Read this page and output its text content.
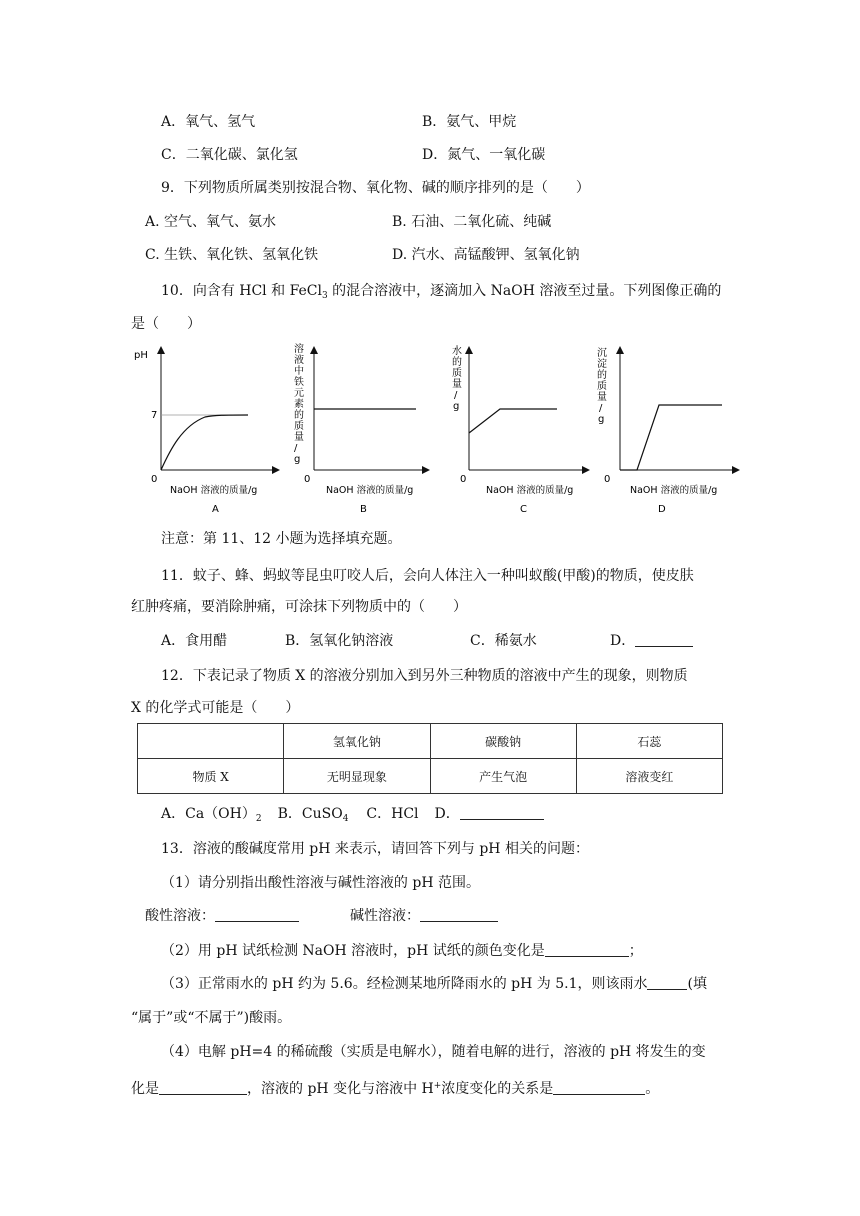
A．氧气、氢气	B．氨气、甲烷
C．二氧化碳、氯化氢	D．氮气、一氧化碳
9．下列物质所属类别按混合物、氧化物、碱的顺序排列的是（　　）
A. 空气、氧气、氨水	B. 石油、二氧化硫、纯碱
C. 生铁、氧化铁、氢氧化铁	D. 汽水、高锰酸钾、氢氧化钠
10．向含有 HCl 和 FeCl$_3$ 的混合溶液中，逐滴加入 NaOH 溶液至过量。下列图像正确的
是（　　）
pH
7
0
NaOH 溶液的质量/g
A
溶液中铁元素的质量/ g
0
NaOH 溶液的质量/g
B
水的质量/ g
0
NaOH 溶液的质量/g
C
沉淀的质量/ g
0
NaOH 溶液的质量/g
D
注意：第 11、12 小题为选择填充题。
11．蚊子、蜂、蚂蚁等昆虫叮咬人后，会向人体注入一种叫蚁酸(甲酸)的物质，使皮肤
红肿疼痛，要消除肿痛，可涂抹下列物质中的（　　）
A．食用醋	B．氢氧化钠溶液	C．稀氨水	D．
12．下表记录了物质 X 的溶液分别加入到另外三种物质的溶液中产生的现象，则物质
X 的化学式可能是（　　）
	氢氧化钠	碳酸钠	石蕊
物质 X	无明显现象	产生气泡	溶液变红
A．$Ca(OH)_2$ B．CuSO$_4$ C．HCl D．
13．溶液的酸碱度常用 pH 来表示，请回答下列与 pH 相关的问题：
（1）请分别指出酸性溶液与碱性溶液的 pH 范围。
酸性溶液：	碱性溶液：
（2）用 pH 试纸检测 NaOH 溶液时，pH 试纸的颜色变化是	；
（3）正常雨水的 pH 约为 5.6。经检测某地所降雨水的 pH 为 5.1，则该雨水	(填
“属于”或“不属于”)酸雨。
（4）电解 pH=4 的稀硫酸（实质是电解水），随着电解的进行，溶液的 pH 将发生的变
化是	，溶液的 pH 变化与溶液中 H+浓度变化的关系是	。
